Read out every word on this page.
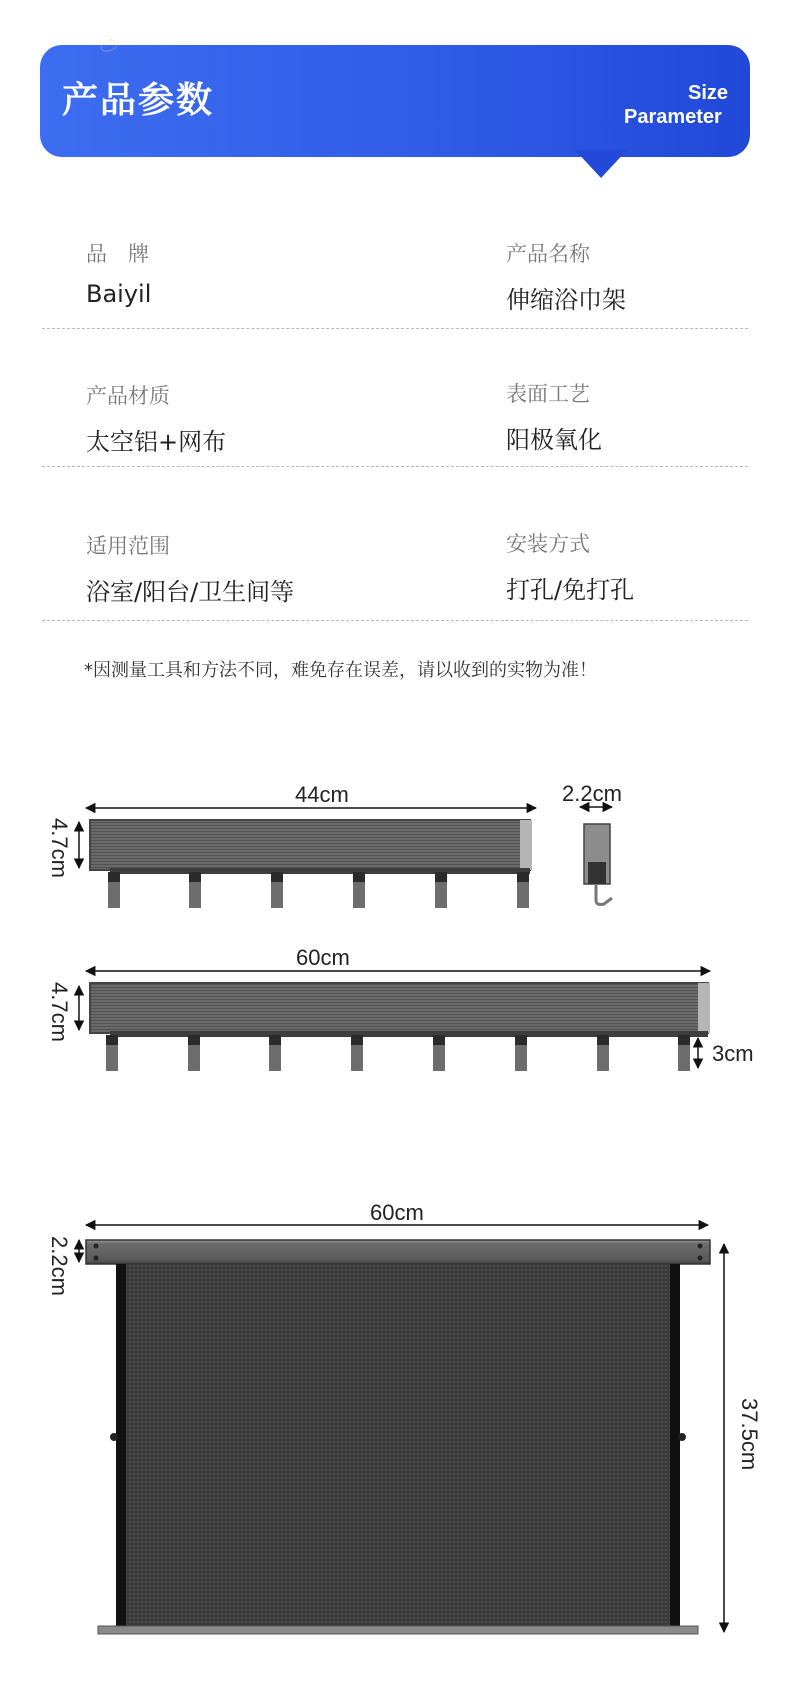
产品参数	Size
Parameter
品　牌
Baiyil
产品名称
伸缩浴巾架
产品材质
太空铝+网布
表面工艺
阳极氧化
适用范围
浴室/阳台/卫生间等
安装方式
打孔/免打孔
*因测量工具和方法不同，难免存在误差，请以收到的实物为准！
44cm
4.7cm
2.2cm
60cm
4.7cm
3cm
60cm
2.2cm
37.5cm
